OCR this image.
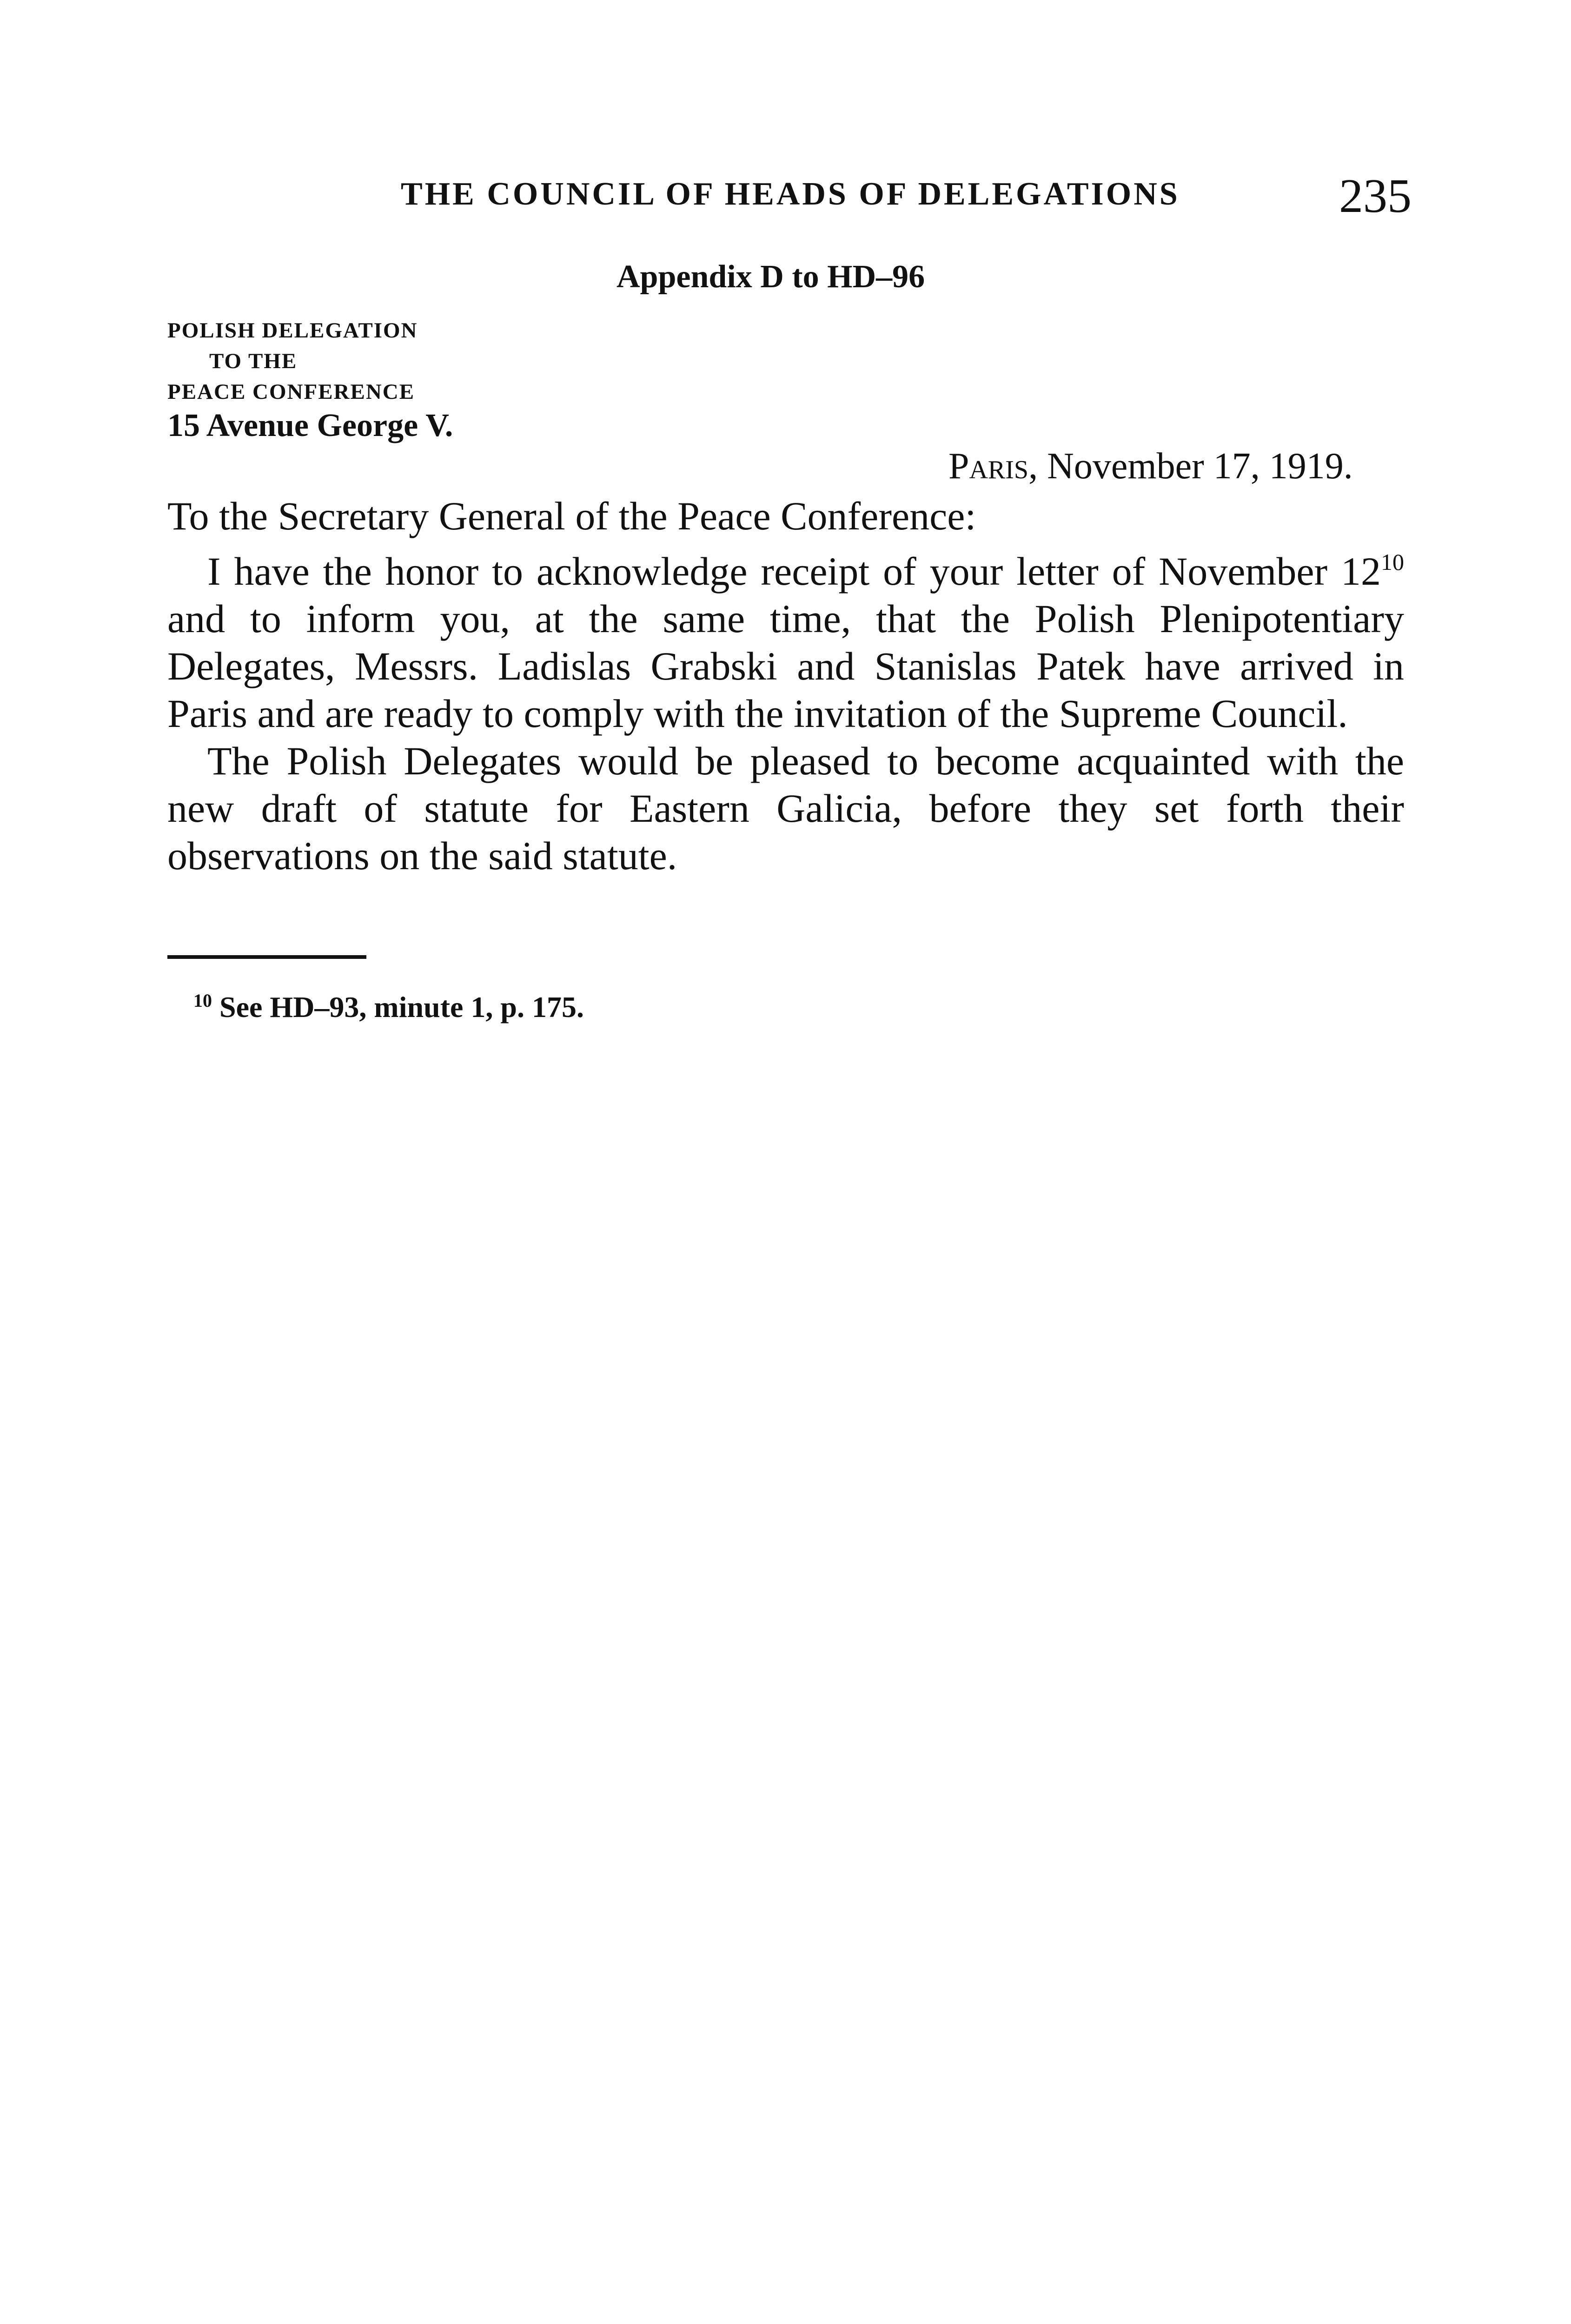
THE COUNCIL OF HEADS OF DELEGATIONS	235
Appendix D to HD–96
POLISH DELEGATION
TO THE
PEACE CONFERENCE
15 Avenue George V.
Paris, November 17, 1919.
To the Secretary General of the Peace Conference:

I have the honor to acknowledge receipt of your letter of November 12$^{10}$ and to inform you, at the same time, that the Polish Plenipotentiary Delegates, Messrs. Ladislas Grabski and Stanislas Patek have arrived in Paris and are ready to comply with the invitation of the Supreme Council.

The Polish Delegates would be pleased to become acquainted with the new draft of statute for Eastern Galicia, before they set forth their observations on the said statute.

$^{10}$ See HD–93, minute 1, p. 175.
